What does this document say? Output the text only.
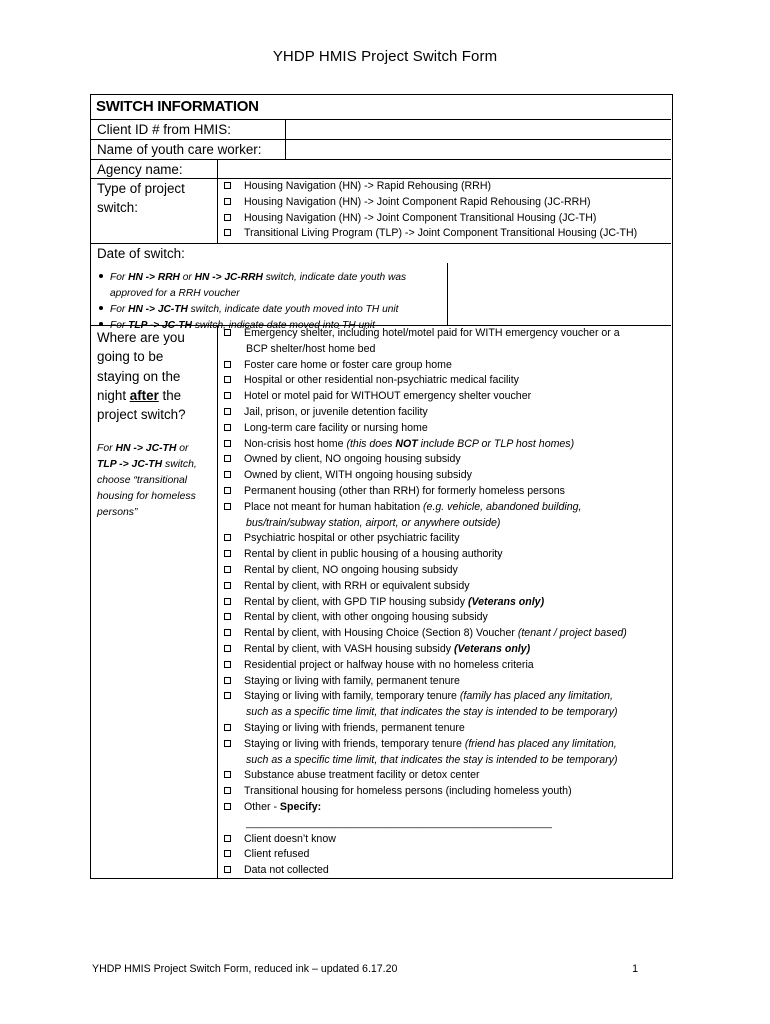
YHDP HMIS Project Switch Form
SWITCH INFORMATION
Client ID # from HMIS:
Name of youth care worker:
Agency name:
Type of project
switch:
Housing Navigation (HN) -> Rapid Rehousing (RRH)
Housing Navigation (HN) -> Joint Component Rapid Rehousing (JC-RRH)
Housing Navigation (HN) -> Joint Component Transitional Housing (JC-TH)
Transitional Living Program (TLP) -> Joint Component Transitional Housing (JC-TH)
Date of switch:
For HN -> RRH or HN -> JC-RRH switch, indicate date youth was
approved for a RRH voucher
For HN -> JC-TH switch, indicate date youth moved into TH unit
For TLP -> JC-TH switch, indicate date moved into TH unit
Where are you
going to be
staying on the
night after the
project switch?
For HN -> JC-TH or
TLP -> JC-TH switch,
choose “transitional
housing for homeless
persons”
Emergency shelter, including hotel/motel paid for WITH emergency voucher or a
BCP shelter/host home bed
Foster care home or foster care group home
Hospital or other residential non-psychiatric medical facility
Hotel or motel paid for WITHOUT emergency shelter voucher
Jail, prison, or juvenile detention facility
Long-term care facility or nursing home
Non-crisis host home (this does NOT include BCP or TLP host homes)
Owned by client, NO ongoing housing subsidy
Owned by client, WITH ongoing housing subsidy
Permanent housing (other than RRH) for formerly homeless persons
Place not meant for human habitation (e.g. vehicle, abandoned building,
bus/train/subway station, airport, or anywhere outside)
Psychiatric hospital or other psychiatric facility
Rental by client in public housing of a housing authority
Rental by client, NO ongoing housing subsidy
Rental by client, with RRH or equivalent subsidy
Rental by client, with GPD TIP housing subsidy (Veterans only)
Rental by client, with other ongoing housing subsidy
Rental by client, with Housing Choice (Section 8) Voucher (tenant / project based)
Rental by client, with VASH housing subsidy (Veterans only)
Residential project or halfway house with no homeless criteria
Staying or living with family, permanent tenure
Staying or living with family, temporary tenure (family has placed any limitation,
such as a specific time limit, that indicates the stay is intended to be temporary)
Staying or living with friends, permanent tenure
Staying or living with friends, temporary tenure (friend has placed any limitation,
such as a specific time limit, that indicates the stay is intended to be temporary)
Substance abuse treatment facility or detox center
Transitional housing for homeless persons (including homeless youth)
Other - Specify:
_______________________________________________________
Client doesn’t know
Client refused
Data not collected
YHDP HMIS Project Switch Form, reduced ink – updated 6.17.20	1
